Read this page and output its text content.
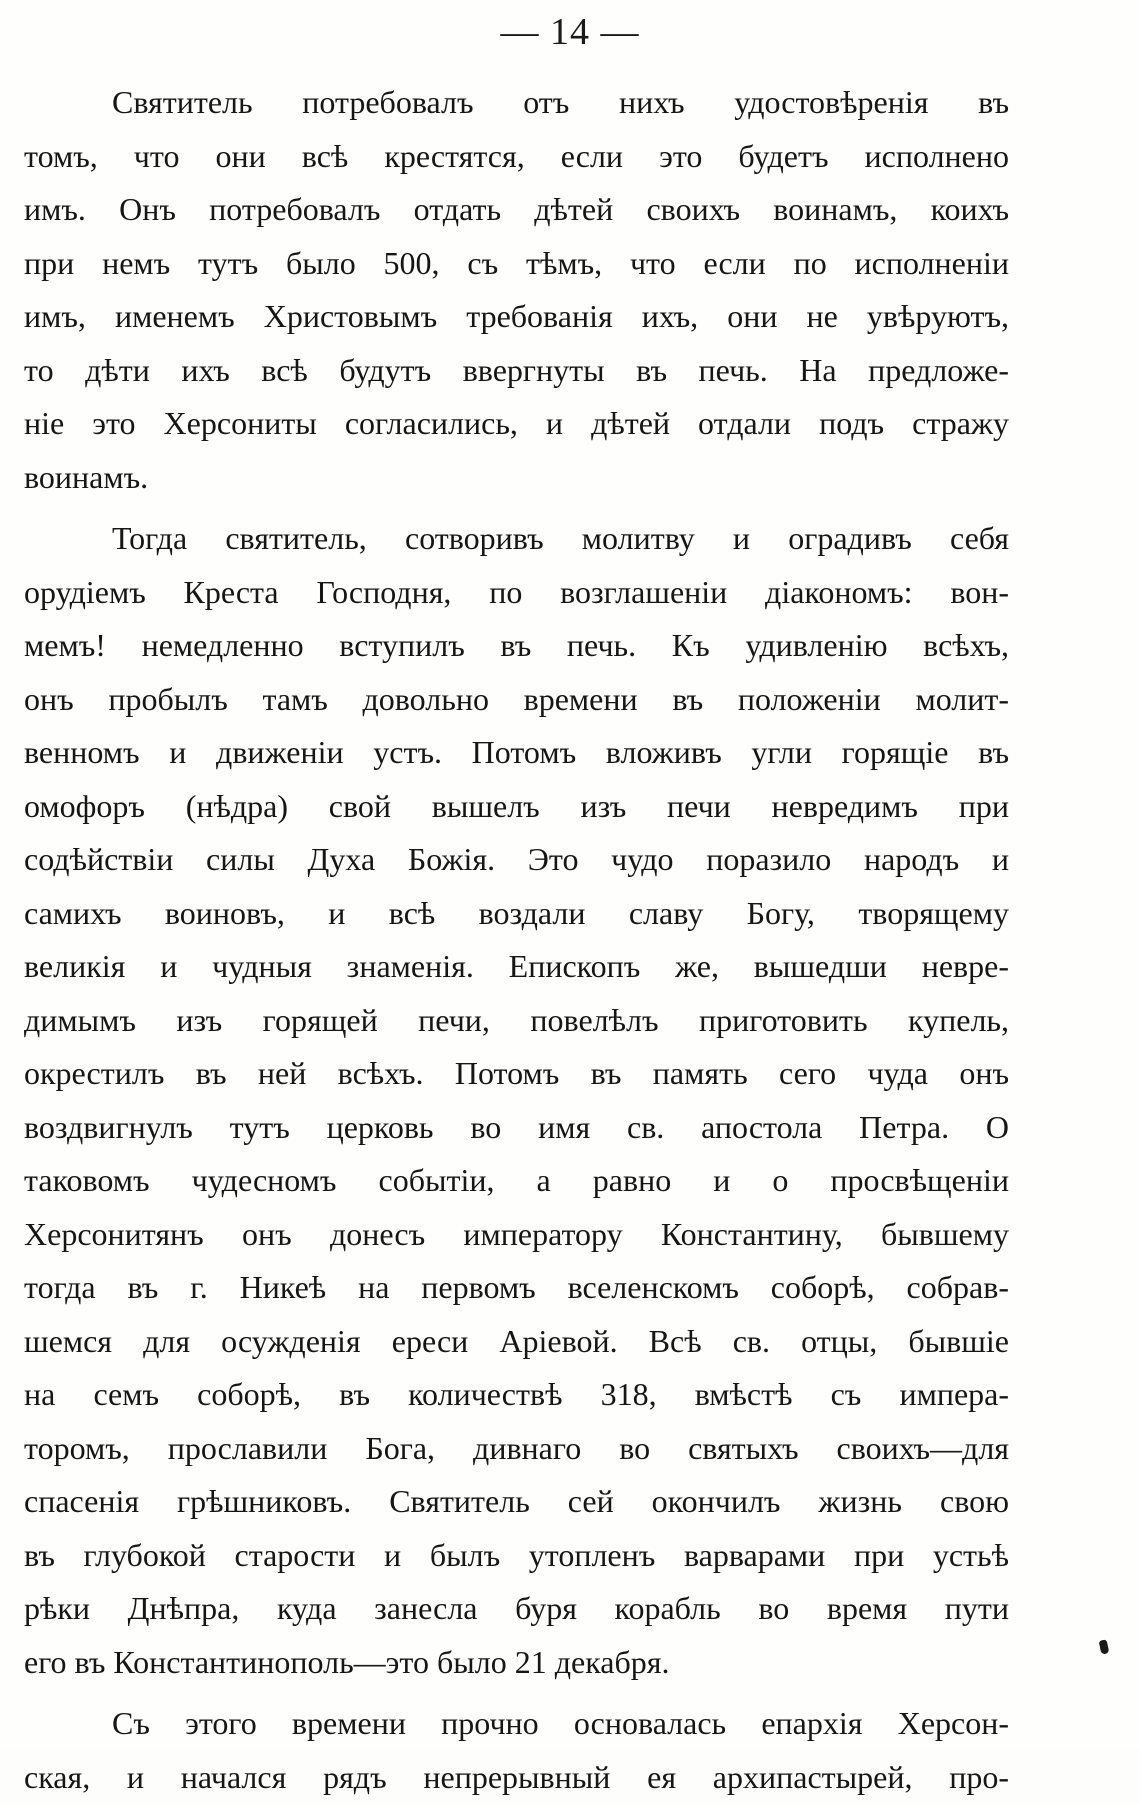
— 14 —

Святитель потребовалъ отъ нихъ удостовѣренія въ
томъ, что они всѣ крестятся, если это будетъ исполнено
имъ. Онъ потребовалъ отдать дѣтей своихъ воинамъ, коихъ
при немъ тутъ было 500, съ тѣмъ, что если по исполненіи
имъ, именемъ Христовымъ требованія ихъ, они не увѣруютъ,
то дѣти ихъ всѣ будутъ ввергнуты въ печь. На предложе-
ніе это Херсониты согласились, и дѣтей отдали подъ стражу
воинамъ.

Тогда святитель, сотворивъ молитву и оградивъ себя
орудіемъ Креста Господня, по возглашеніи діакономъ: вон-
мемъ! немедленно вступилъ въ печь. Къ удивленію всѣхъ,
онъ пробылъ тамъ довольно времени въ положеніи молит-
венномъ и движеніи устъ. Потомъ вложивъ угли горящіе въ
омофоръ (нѣдра) свой вышелъ изъ печи невредимъ при
содѣйствіи силы Духа Божія. Это чудо поразило народъ и
самихъ воиновъ, и всѣ воздали славу Богу, творящему
великія и чудныя знаменія. Епископъ же, вышедши невре-
димымъ изъ горящей печи, повелѣлъ приготовить купель,
окрестилъ въ ней всѣхъ. Потомъ въ память сего чуда онъ
воздвигнулъ тутъ церковь во имя св. апостола Петра. О
таковомъ чудесномъ событіи, а равно и о просвѣщеніи
Херсонитянъ онъ донесъ императору Константину, бывшему
тогда въ г. Никеѣ на первомъ вселенскомъ соборѣ, собрав-
шемся для осужденія ереси Аріевой. Всѣ св. отцы, бывшіе
на семъ соборѣ, въ количествѣ 318, вмѣстѣ съ импера-
торомъ, прославили Бога, дивнаго во святыхъ своихъ—для
спасенія грѣшниковъ. Святитель сей окончилъ жизнь свою
въ глубокой старости и былъ утопленъ варварами при устьѣ
рѣки Днѣпра, куда занесла буря корабль во время пути
его въ Константинополь—это было 21 декабря.

Съ этого времени прочно основалась епархія Херсон-
ская, и начался рядъ непрерывный ея архипастырей, про-
